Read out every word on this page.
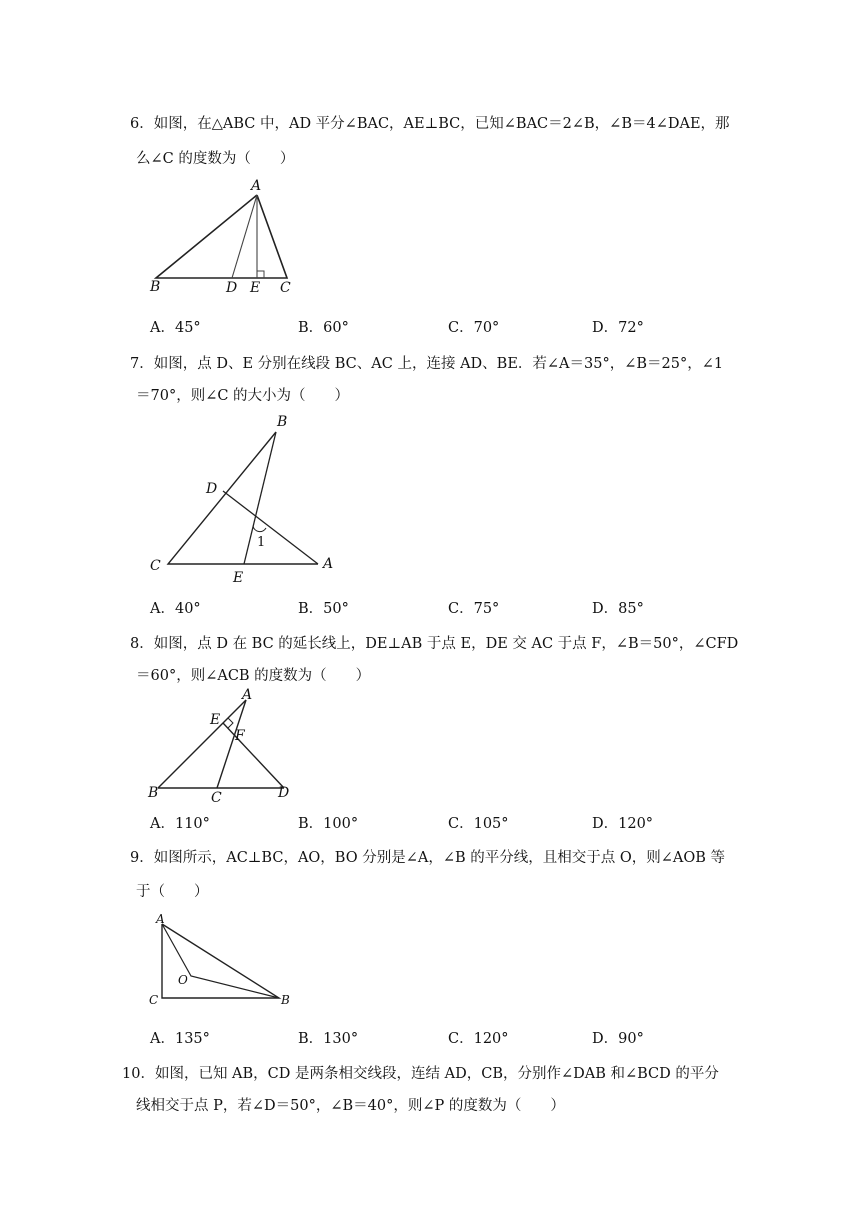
6．如图，在△ABC 中，AD 平分∠BAC，AE⊥BC，已知∠BAC＝2∠B，∠B＝4∠DAE，那
么∠C 的度数为（　　）
A
B	D E C
A．45°	B．60°	C．70°	D．72°
7．如图，点 D、E 分别在线段 BC、AC 上，连接 AD、BE．若∠A＝35°，∠B＝25°，∠1
＝70°，则∠C 的大小为（　　）
B
D
C
E
A
1
A．40°	B．50°	C．75°	D．85°
8．如图，点 D 在 BC 的延长线上，DE⊥AB 于点 E，DE 交 AC 于点 F，∠B＝50°，∠CFD
＝60°，则∠ACB 的度数为（　　）
A
E
F
B	C	D
A．110°	B．100°	C．105°	D．120°
9．如图所示，AC⊥BC，AO，BO 分别是∠A，∠B 的平分线，且相交于点 O，则∠AOB 等
于（　　）
A
O
C	B
A．135°	B．130°	C．120°	D．90°
10．如图，已知 AB，CD 是两条相交线段，连结 AD，CB，分别作∠DAB 和∠BCD 的平分
线相交于点 P，若∠D＝50°，∠B＝40°，则∠P 的度数为（　　）
